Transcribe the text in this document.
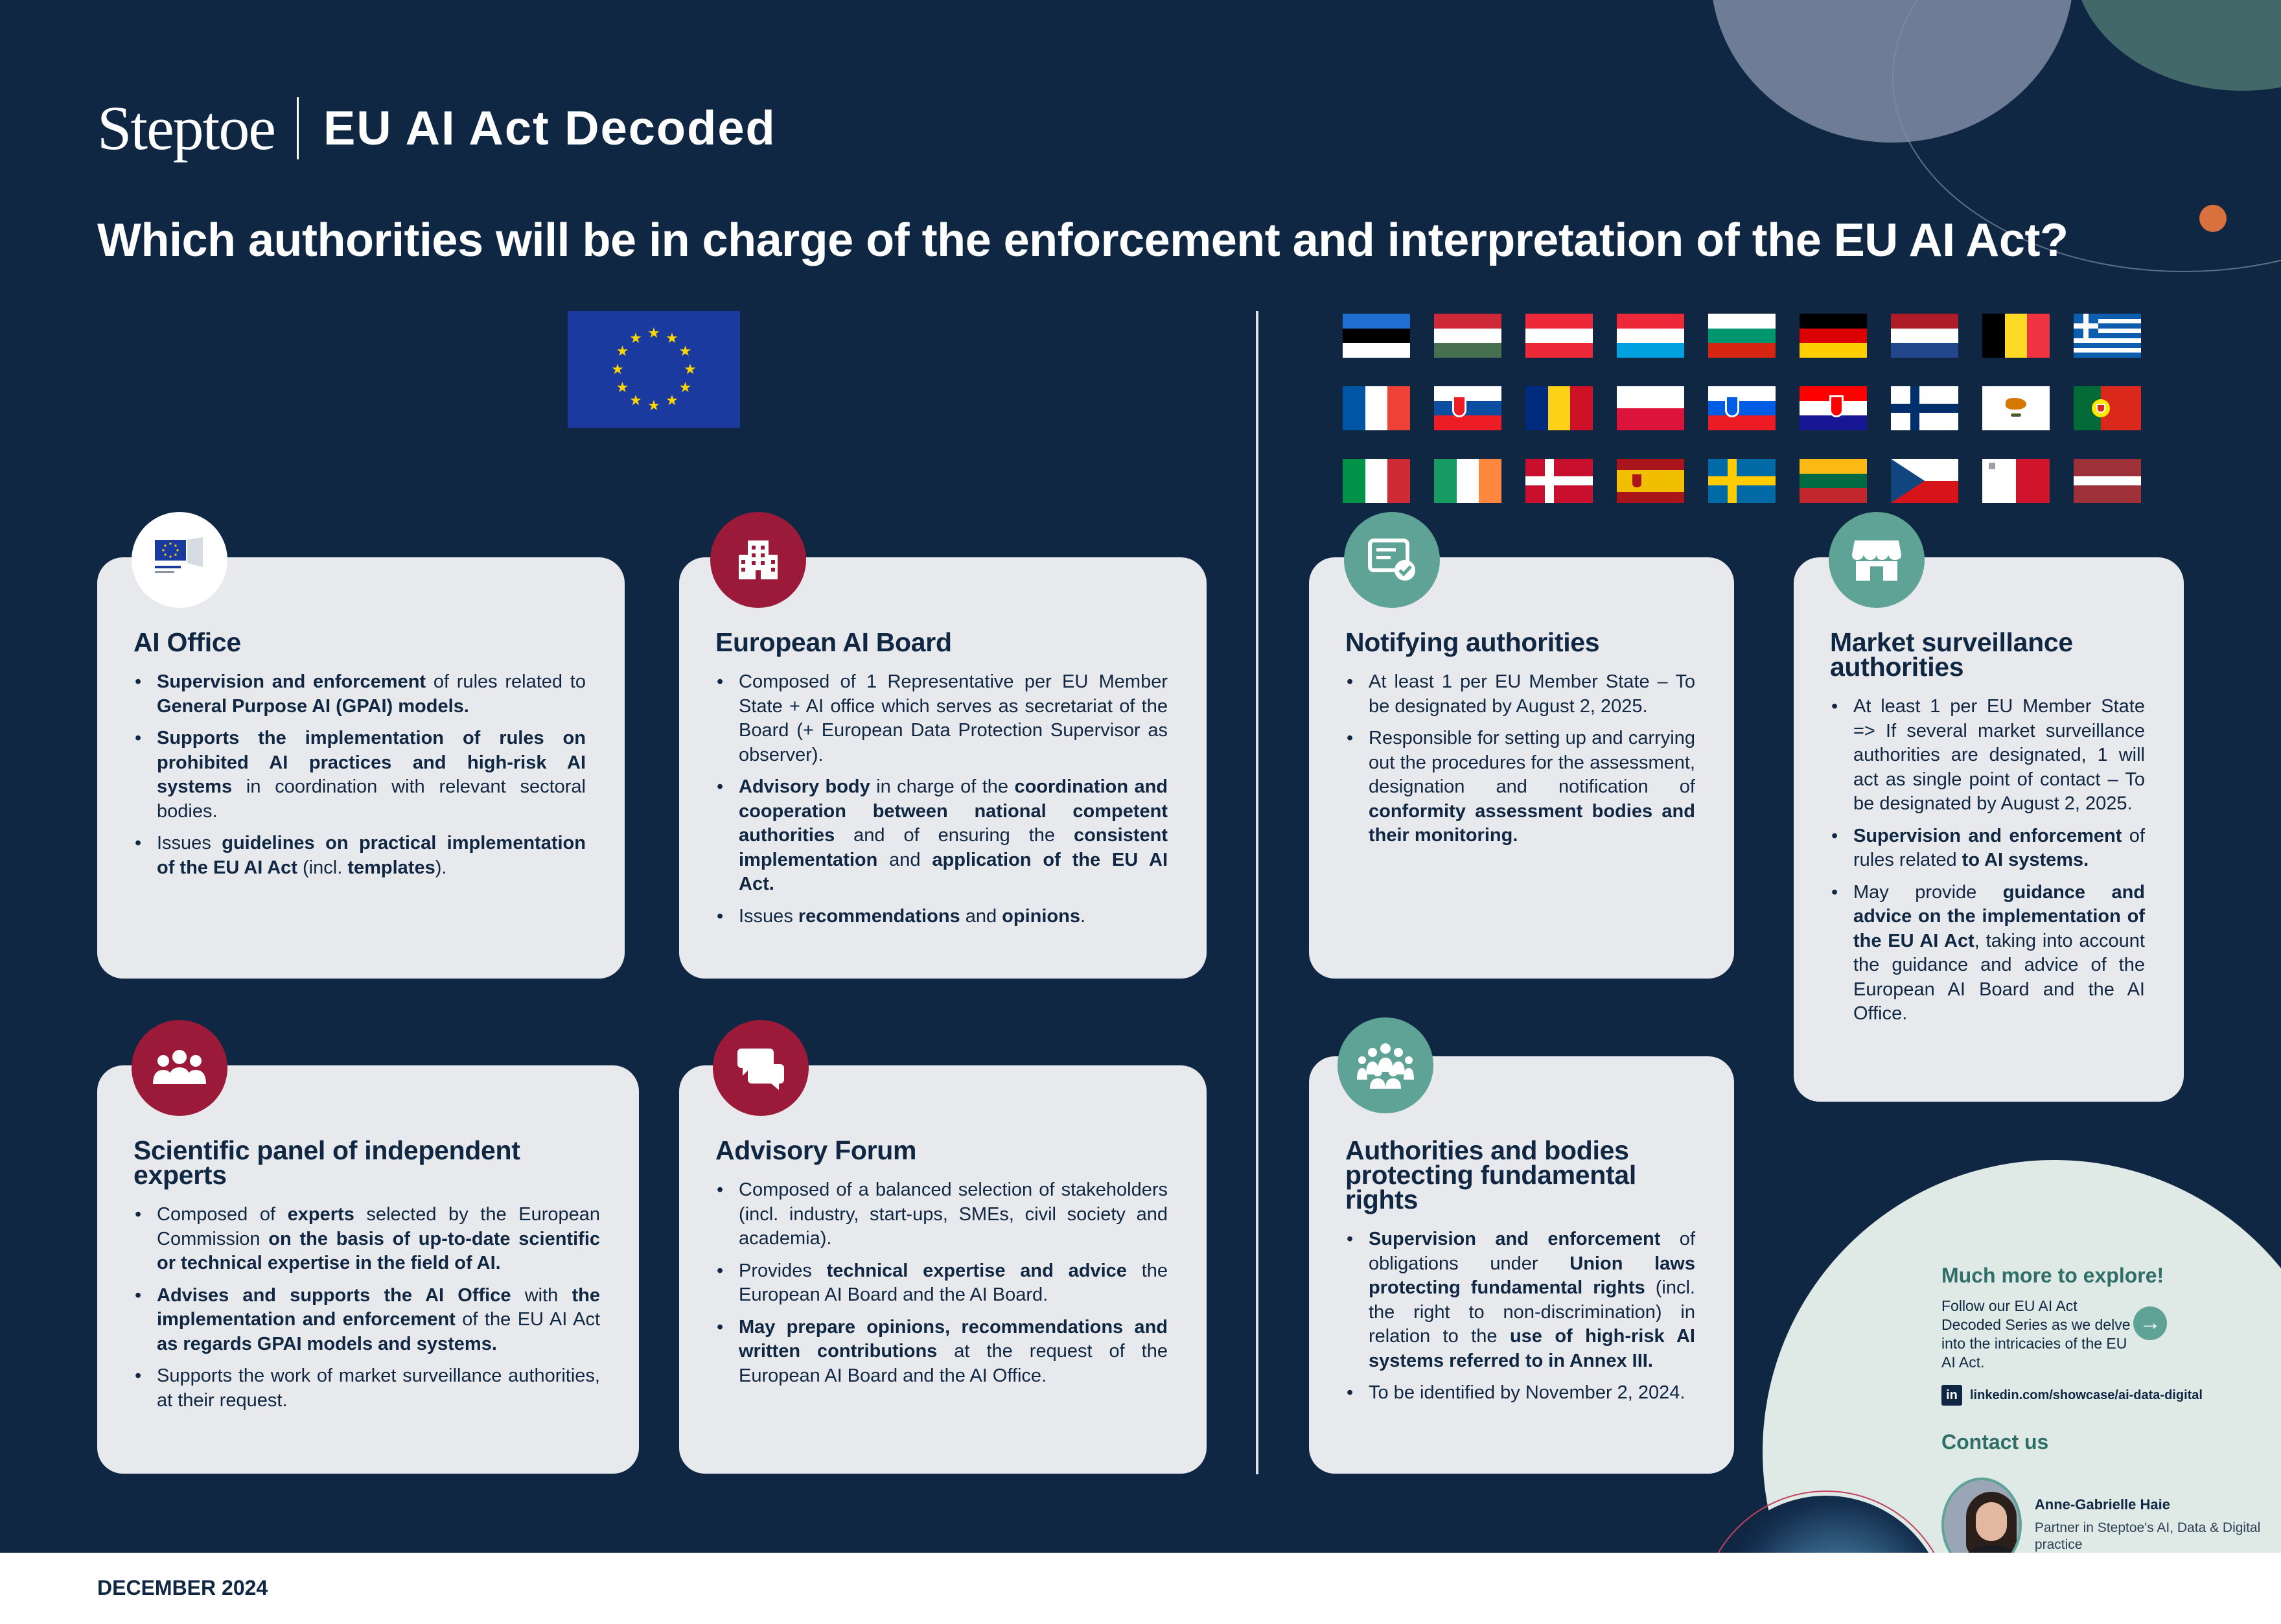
Steptoe EU AI Act Decoded
Which authorities will be in charge of the enforcement and interpretation of the EU AI Act?
★ ★
★
★
★
★
★
★
★
★
★
★
AI Office
• Supervision and enforcement of rules related to General Purpose AI (GPAI) models.
• Supports the implementation of rules on prohibited AI practices and high-risk AI systems in coordination with relevant sectoral bodies.
• Issues guidelines on practical implementation of the EU AI Act (incl. templates).
European AI Board
• Composed of 1 Representative per EU Member State + AI office which serves as secretariat of the Board (+ European Data Protection Supervisor as observer).
• Advisory body in charge of the coordination and cooperation between national competent authorities and of ensuring the consistent implementation and application of the EU AI Act.
• Issues recommendations and opinions.
Scientific panel of independent experts
• Composed of experts selected by the European Commission on the basis of up-to-date scientific or technical expertise in the field of AI.
• Advises and supports the AI Office with the implementation and enforcement of the EU AI Act as regards GPAI models and systems.
• Supports the work of market surveillance authorities, at their request.
Advisory Forum
• Composed of a balanced selection of stakeholders (incl. industry, start-ups, SMEs, civil society and academia).
• Provides technical expertise and advice the European AI Board and the AI Board.
• May prepare opinions, recommendations and written contributions at the request of the European AI Board and the AI Office.
Notifying authorities
• At least 1 per EU Member State – To be designated by August 2, 2025.
• Responsible for setting up and carrying out the procedures for the assessment, designation and notification of conformity assessment bodies and their monitoring.
Market surveillance authorities
• At least 1 per EU Member State => If several market surveillance authorities are designated, 1 will act as single point of contact – To be designated by August 2, 2025.
• Supervision and enforcement of rules related to AI systems.
• May provide guidance and advice on the implementation of the EU AI Act, taking into account the guidance and advice of the European AI Board and the AI Office.
Authorities and bodies protecting fundamental rights
• Supervision and enforcement of obligations under Union laws protecting fundamental rights (incl. the right to non-discrimination) in relation to the use of high-risk AI systems referred to in Annex III.
• To be identified by November 2, 2024.
Much more to explore!
Follow our EU AI Act Decoded Series as we delve into the intricacies of the EU AI Act.
→
in linkedin.com/showcase/ai-data-digital
Contact us
Anne-Gabrielle Haie
Partner in Steptoe's AI, Data & Digital practice
DECEMBER 2024
